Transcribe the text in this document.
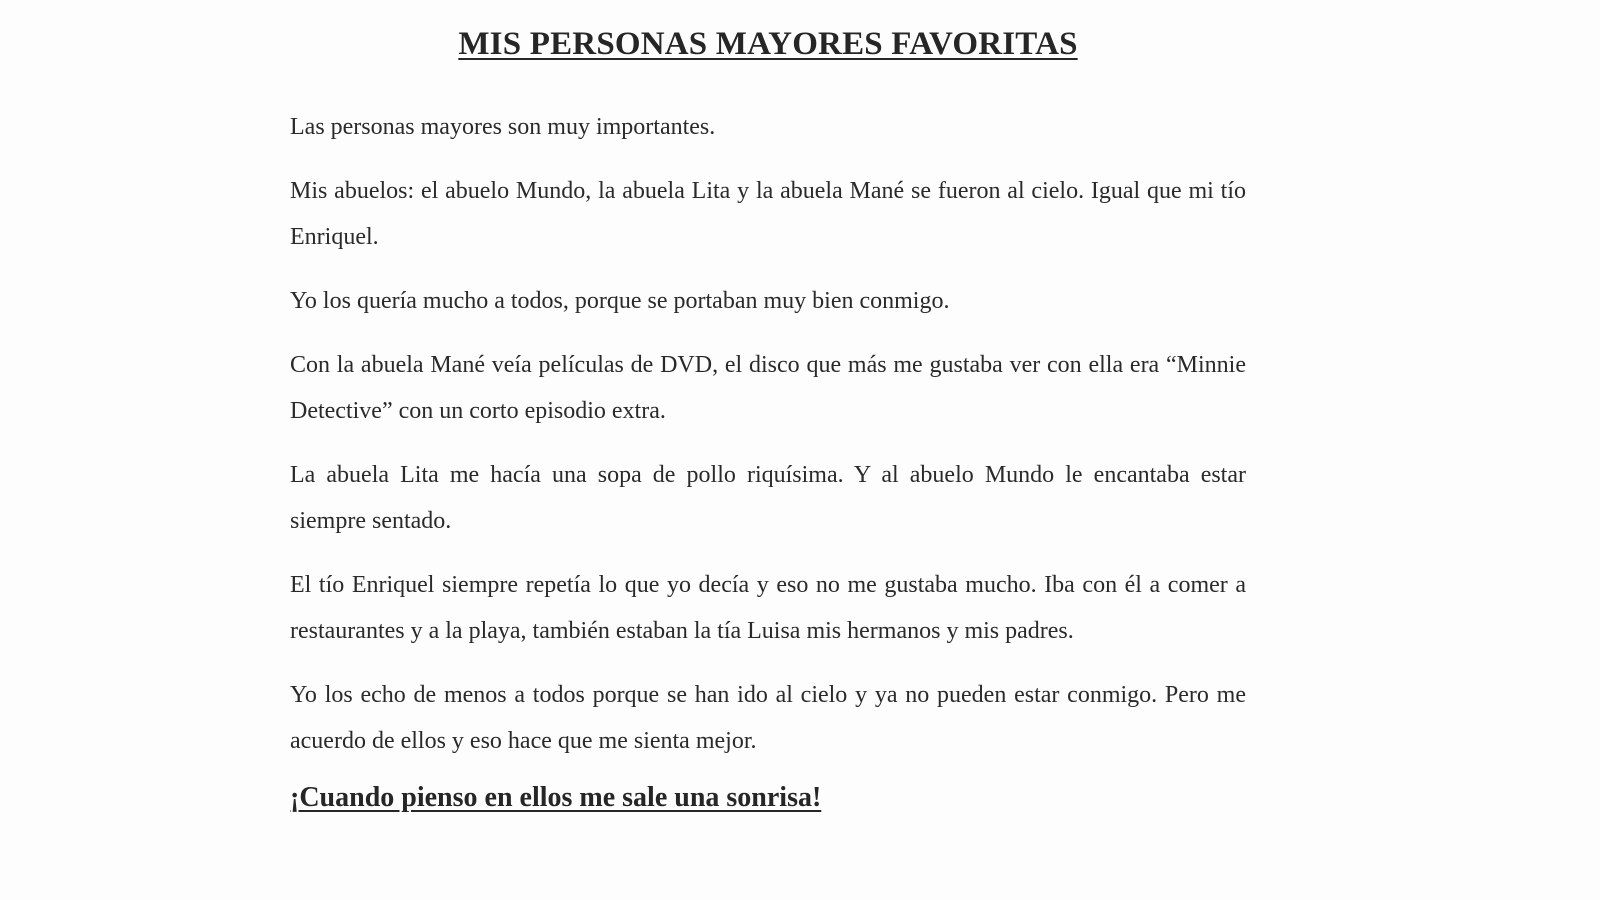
MIS PERSONAS MAYORES FAVORITAS

Las personas mayores son muy importantes.

Mis abuelos: el abuelo Mundo, la abuela Lita y la abuela Mané se fueron al cielo. Igual que mi tío Enriquel.

Yo los quería mucho a todos, porque se portaban muy bien conmigo.

Con la abuela Mané veía películas de DVD, el disco que más me gustaba ver con ella era “Minnie Detective” con un corto episodio extra.

La abuela Lita me hacía una sopa de pollo riquísima. Y al abuelo Mundo le encantaba estar siempre sentado.

El tío Enriquel siempre repetía lo que yo decía y eso no me gustaba mucho. Iba con él a comer a restaurantes y a la playa, también estaban la tía Luisa mis hermanos y mis padres.

Yo los echo de menos a todos porque se han ido al cielo y ya no pueden estar conmigo. Pero me acuerdo de ellos y eso hace que me sienta mejor.

¡Cuando pienso en ellos me sale una sonrisa!
